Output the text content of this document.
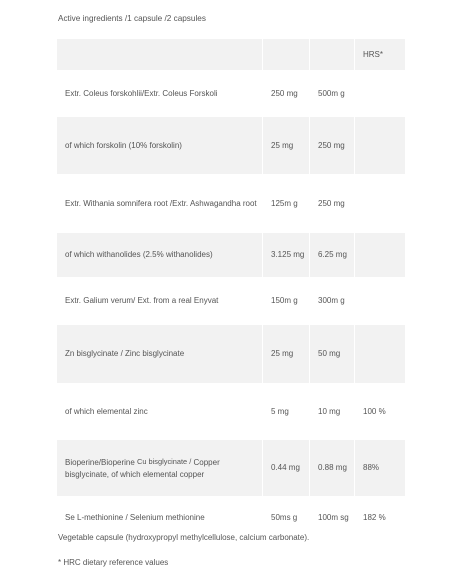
Active ingredients /1 capsule /2 capsules
			HRS*
Extr. Coleus forskohlii/Extr. Coleus Forskoli	250 mg	500m g	
of which forskolin (10% forskolin)	25 mg	250 mg	
Extr. Withania somnifera root /Extr. Ashwagandha root	125m g	250 mg	
of which withanolides (2.5% withanolides)	3.125 mg	6.25 mg	
Extr. Galium verum/ Ext. from a real Enyvat	150m g	300m g	
Zn bisglycinate / Zinc bisglycinate	25 mg	50 mg	
of which elemental zinc	5 mg	10 mg	100 %
Bioperine/Bioperine Cu bisglycinate / Copper bisglycinate, of which elemental copper	0.44 mg	0.88 mg	88%
Se L-methionine / Selenium methionine	50ms g	100m sg	182 %
Vegetable capsule (hydroxypropyl methylcellulose, calcium carbonate).
* HRC dietary reference values
